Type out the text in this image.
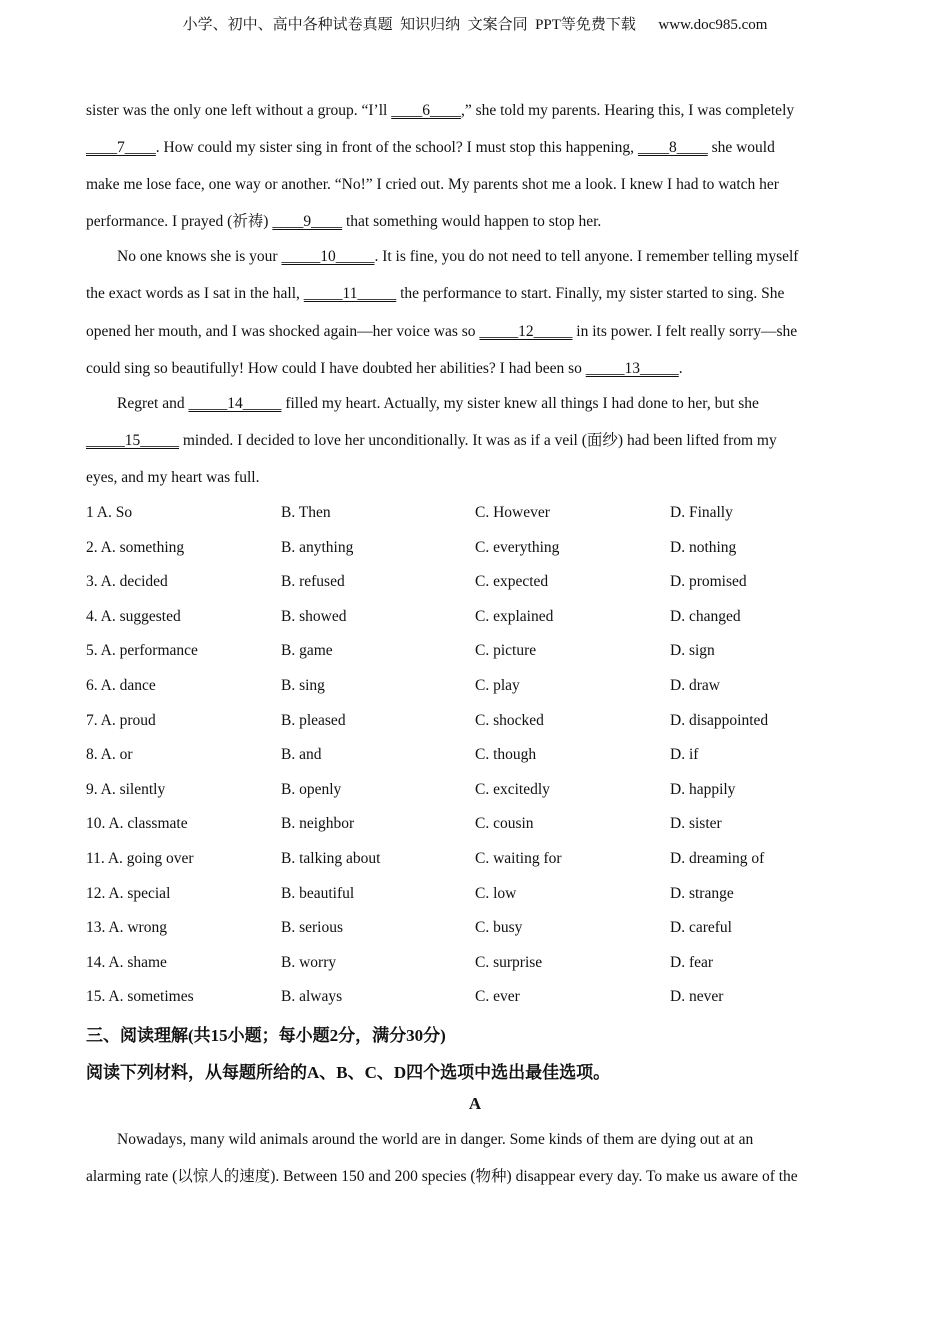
小学、初中、高中各种试卷真题  知识归纳  文案合同  PPT等免费下载      www.doc985.com
sister was the only one left without a group. “I’ll ____6____,” she told my parents. Hearing this, I was completely
____7____. How could my sister sing in front of the school? I must stop this happening, ____8____ she would
make me lose face, one way or another. “No!” I cried out. My parents shot me a look. I knew I had to watch her
performance. I prayed (祈祷) ____9____ that something would happen to stop her.
No one knows she is your _____10_____. It is fine, you do not need to tell anyone. I remember telling myself
the exact words as I sat in the hall, _____11_____ the performance to start. Finally, my sister started to sing. She
opened her mouth, and I was shocked again—her voice was so _____12_____ in its power. I felt really sorry—she
could sing so beautifully! How could I have doubted her abilities? I had been so _____13_____.
Regret and _____14_____ filled my heart. Actually, my sister knew all things I had done to her, but she
_____15_____ minded. I decided to love her unconditionally. It was as if a veil (面纱) had been lifted from my
eyes, and my heart was full.
1 A. So	B. Then	C. However	D. Finally
2. A. something	B. anything	C. everything	D. nothing
3. A. decided	B. refused	C. expected	D. promised
4. A. suggested	B. showed	C. explained	D. changed
5. A. performance	B. game	C. picture	D. sign
6. A. dance	B. sing	C. play	D. draw
7. A. proud	B. pleased	C. shocked	D. disappointed
8. A. or	B. and	C. though	D. if
9. A. silently	B. openly	C. excitedly	D. happily
10. A. classmate	B. neighbor	C. cousin	D. sister
11. A. going over	B. talking about	C. waiting for	D. dreaming of
12. A. special	B. beautiful	C. low	D. strange
13. A. wrong	B. serious	C. busy	D. careful
14. A. shame	B. worry	C. surprise	D. fear
15. A. sometimes	B. always	C. ever	D. never
三、阅读理解(共15小题；每小题2分，满分30分)
阅读下列材料，从每题所给的A、B、C、D四个选项中选出最佳选项。
A
Nowadays, many wild animals around the world are in danger. Some kinds of them are dying out at an
alarming rate (以惊人的速度). Between 150 and 200 species (物种) disappear every day. To make us aware of the
